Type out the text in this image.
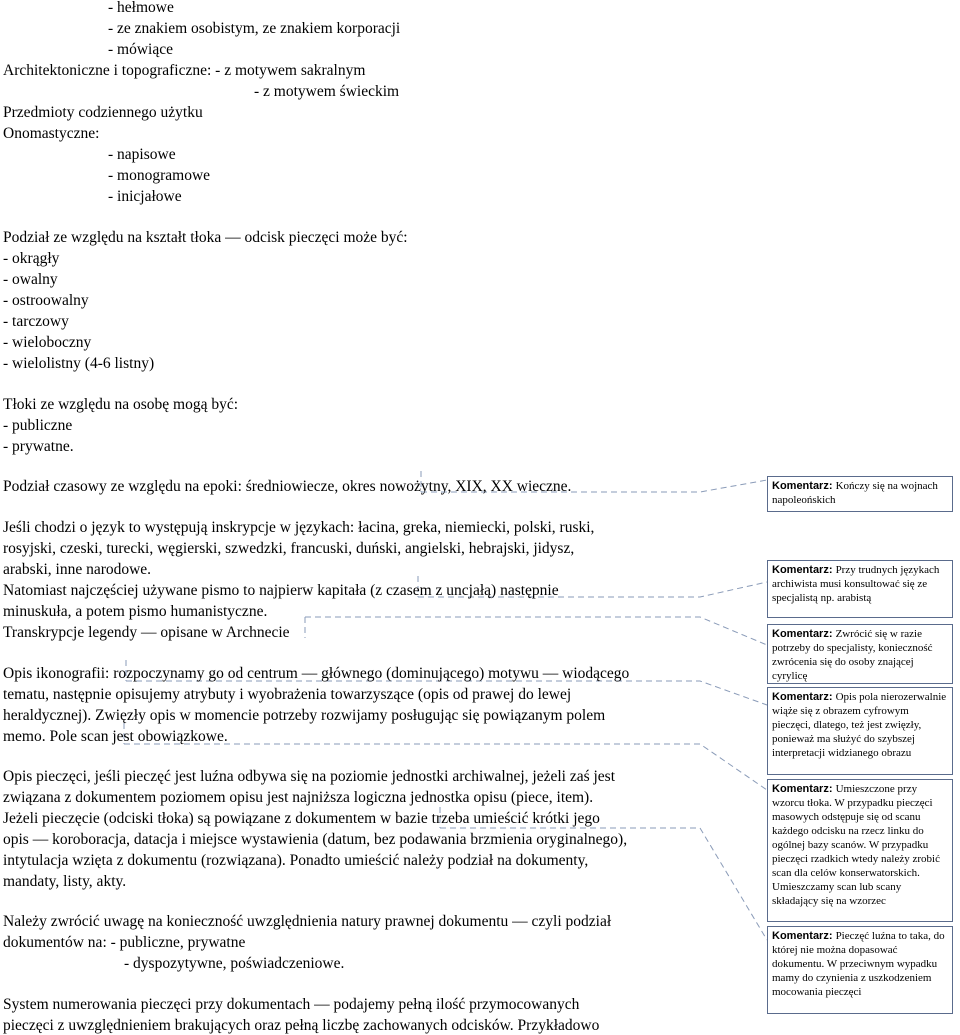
- hełmowe
- ze znakiem osobistym, ze znakiem korporacji
- mówiące
Architektoniczne i topograficzne: - z motywem sakralnym
- z motywem świeckim
Przedmioty codziennego użytku
Onomastyczne:
- napisowe
- monogramowe
- inicjałowe
Podział ze względu na kształt tłoka — odcisk pieczęci może być:
- okrągły
- owalny
- ostroowalny
- tarczowy
- wieloboczny
- wielolistny (4-6 listny)
Tłoki ze względu na osobę mogą być:
- publiczne
- prywatne.
Podział czasowy ze względu na epoki: średniowiecze, okres nowożytny, XIX, XX wieczne.
Jeśli chodzi o język to występują inskrypcje w językach: łacina, greka, niemiecki, polski, ruski,
rosyjski, czeski, turecki, węgierski, szwedzki, francuski, duński, angielski, hebrajski, jidysz,
arabski, inne narodowe.
Natomiast najczęściej używane pismo to najpierw kapitała (z czasem z uncjałą) następnie
minuskuła, a potem pismo humanistyczne.
Transkrypcje legendy — opisane w Archnecie
Opis ikonografii: rozpoczynamy go od centrum — głównego (dominującego) motywu — wiodącego
tematu, następnie opisujemy atrybuty i wyobrażenia towarzyszące (opis od prawej do lewej
heraldycznej). Zwięzły opis w momencie potrzeby rozwijamy posługując się powiązanym polem
memo. Pole scan jest obowiązkowe.
Opis pieczęci, jeśli pieczęć jest luźna odbywa się na poziomie jednostki archiwalnej, jeżeli zaś jest
związana z dokumentem poziomem opisu jest najniższa logiczna jednostka opisu (piece, item).
Jeżeli pieczęcie (odciski tłoka) są powiązane z dokumentem w bazie trzeba umieścić krótki jego
opis — koroboracja, datacja i miejsce wystawienia (datum, bez podawania brzmienia oryginalnego),
intytulacja wzięta z dokumentu (rozwiązana). Ponadto umieścić należy podział na dokumenty,
mandaty, listy, akty.
Należy zwrócić uwagę na konieczność uwzględnienia natury prawnej dokumentu — czyli podział
dokumentów na: - publiczne, prywatne
- dyspozytywne, poświadczeniowe.
System numerowania pieczęci przy dokumentach — podajemy pełną ilość przymocowanych
pieczęci z uwzględnieniem brakujących oraz pełną liczbę zachowanych odcisków. Przykładowo
Komentarz: Kończy się na wojnach napoleońskich
Komentarz: Przy trudnych językach archiwista musi konsultować się ze specjalistą np. arabistą
Komentarz: Zwrócić się w razie potrzeby do specjalisty, konieczność zwrócenia się do osoby znającej cyrylicę
Komentarz: Opis pola nierozerwalnie wiąże się z obrazem cyfrowym pieczęci, dlatego, też jest zwięzły, ponieważ ma służyć do szybszej interpretacji widzianego obrazu
Komentarz: Umieszczone przy wzorcu tłoka. W przypadku pieczęci masowych odstępuje się od scanu każdego odcisku na rzecz linku do ogólnej bazy scanów. W przypadku pieczęci rzadkich wtedy należy zrobić scan dla celów konserwatorskich. Umieszczamy scan lub scany składający się na wzorzec
Komentarz: Pieczęć luźna to taka, do której nie można dopasować dokumentu. W przeciwnym wypadku mamy do czynienia z uszkodzeniem mocowania pieczęci
